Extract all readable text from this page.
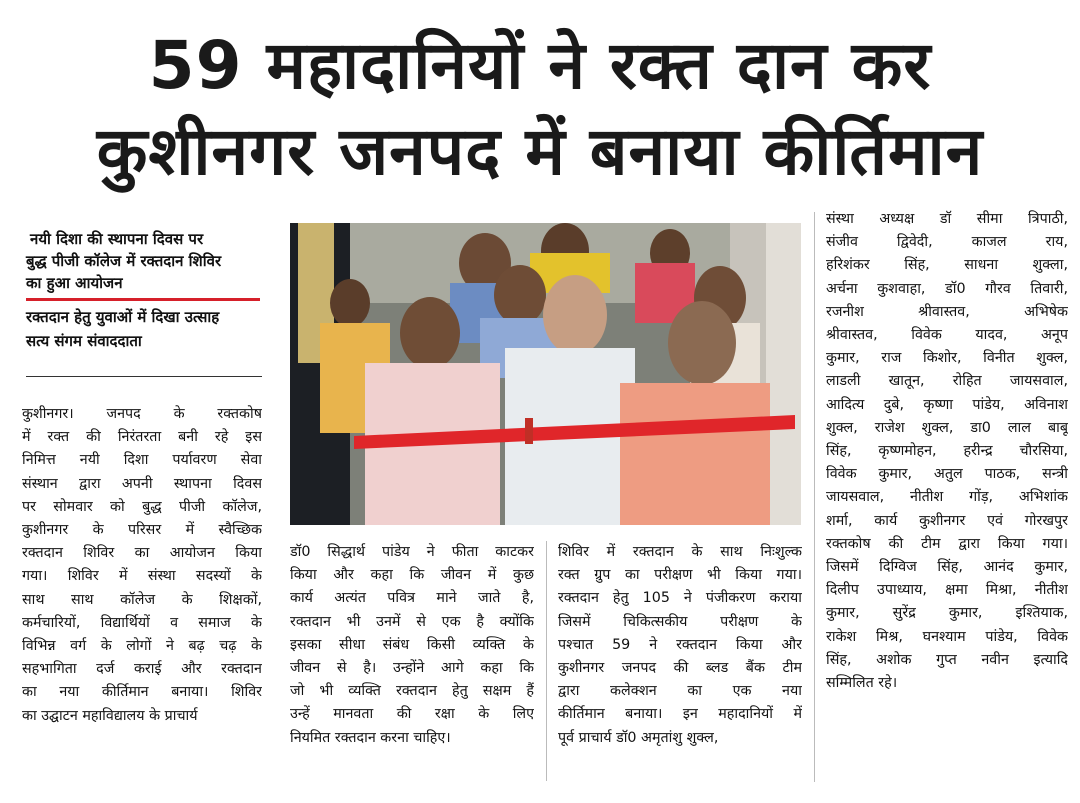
59 महादानियों ने रक्त दान कर
कुशीनगर जनपद में बनाया कीर्तिमान
नयी दिशा की स्थापना दिवस पर
बुद्ध पीजी कॉलेज में रक्तदान शिविर
का हुआ आयोजन
रक्तदान हेतु युवाओं में दिखा उत्साह
सत्य संगम संवाददाता
कुशीनगर। जनपद के रक्तकोष
में रक्त की निरंतरता बनी रहे इस
निमित्त नयी दिशा पर्यावरण सेवा
संस्थान द्वारा अपनी स्थापना दिवस
पर सोमवार को बुद्ध पीजी कॉलेज,
कुशीनगर के परिसर में स्वैच्छिक
रक्तदान शिविर का आयोजन किया
गया। शिविर में संस्था सदस्यों के
साथ साथ कॉलेज के शिक्षकों,
कर्मचारियों, विद्यार्थियों व समाज के
विभिन्न वर्ग के लोगों ने बढ़ चढ़ के
सहभागिता दर्ज कराई और रक्तदान
का नया कीर्तिमान बनाया। शिविर
का उद्घाटन महाविद्यालय के प्राचार्य
डॉ0 सिद्धार्थ पांडेय ने फीता काटकर
किया और कहा कि जीवन में कुछ
कार्य अत्यंत पवित्र माने जाते है,
रक्तदान भी उनमें से एक है क्योंकि
इसका सीधा संबंध किसी व्यक्ति के
जीवन से है। उन्होंने आगे कहा कि
जो भी व्यक्ति रक्तदान हेतु सक्षम हैं
उन्हें मानवता की रक्षा के लिए
नियमित रक्तदान करना चाहिए।
शिविर में रक्तदान के साथ निःशुल्क
रक्त ग्रुप का परीक्षण भी किया गया।
रक्तदान हेतु 105 ने पंजीकरण कराया
जिसमें चिकित्सकीय परीक्षण के
पश्चात 59 ने रक्तदान किया और
कुशीनगर जनपद की ब्लड बैंक टीम
द्वारा कलेक्शन का एक नया
कीर्तिमान बनाया। इन महादानियों में
पूर्व प्राचार्य डॉ0 अमृतांशु शुक्ल,
संस्था अध्यक्ष डॉ सीमा त्रिपाठी,
संजीव द्विवेदी, काजल राय,
हरिशंकर सिंह, साधना शुक्ला,
अर्चना कुशवाहा, डॉ0 गौरव तिवारी,
रजनीश श्रीवास्तव, अभिषेक
श्रीवास्तव, विवेक यादव, अनूप
कुमार, राज किशोर, विनीत शुक्ल,
लाडली खातून, रोहित जायसवाल,
आदित्य दुबे, कृष्णा पांडेय, अविनाश
शुक्ल, राजेश शुक्ल, डा0 लाल बाबू
सिंह, कृष्णमोहन, हरीन्द्र चौरसिया,
विवेक कुमार, अतुल पाठक, सन्त्री
जायसवाल, नीतीश गोंड़, अभिशांक
शर्मा, कार्य कुशीनगर एवं गोरखपुर
रक्तकोष की टीम द्वारा किया गया।
जिसमें दिग्विज सिंह, आनंद कुमार,
दिलीप उपाध्याय, क्षमा मिश्रा, नीतीश
कुमार, सुरेंद्र कुमार, इश्तियाक,
राकेश मिश्र, घनश्याम पांडेय, विवेक
सिंह, अशोक गुप्त नवीन इत्यादि
सम्मिलित रहे।
